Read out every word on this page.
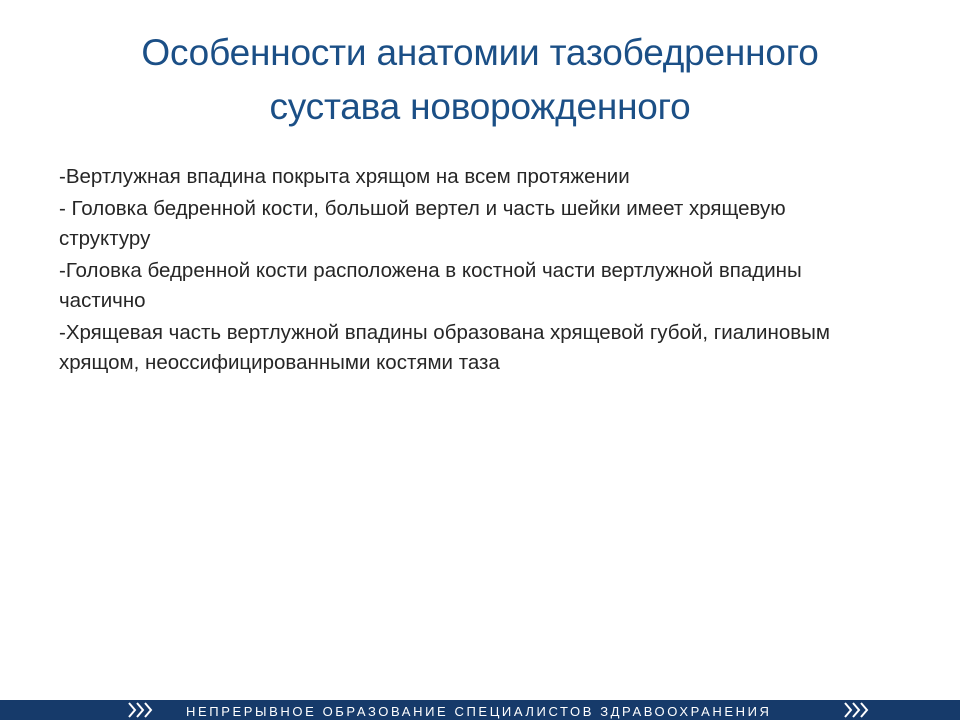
Особенности анатомии тазобедренного
сустава новорожденного
-Вертлужная впадина покрыта хрящом на всем протяжении
- Головка бедренной кости, большой вертел и часть шейки имеет хрящевую структуру
-Головка бедренной кости расположена в костной части вертлужной впадины частично
-Хрящевая часть вертлужной впадины образована хрящевой губой, гиалиновым хрящом, неоссифицированными костями таза
НЕПРЕРЫВНОЕ ОБРАЗОВАНИЕ СПЕЦИАЛИСТОВ ЗДРАВООХРАНЕНИЯ
